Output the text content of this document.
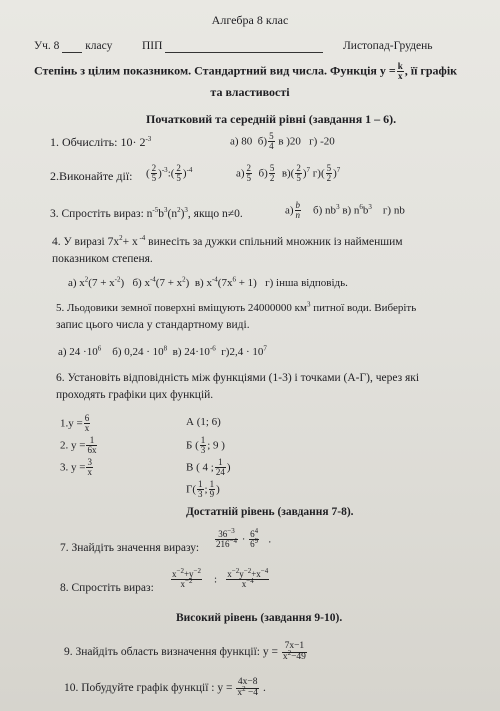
Алгебра 8 клас
Уч. 8 класу	ПІП	Листопад-Грудень
Степінь з цілим показником. Стандартний вид числа. Функція $y = \frac{k}{x}$ , її графік
та властивості
Початковий та середній рівні (завдання 1 – 6).
1. Обчисліть: $10\cdot 2^{-3}$	а) 80 $б) \frac{5}{4}$ в )20 г) -20
2.Виконайте дії: ( $\frac{2}{5}$ )$^{-3}$:( $\frac{2}{5} )^{-4}$	$а) \frac{2}{5} б) \frac{5}{2} в)( \frac{2}{5} )^7$ $г)( \frac{5}{2} )^7$
3. Спростіть вираз: $n^{-5}b^3(n^2)^3$, якщо n≠0.	$а) \frac{b}{n} б$) $nb^3$ в) $n^6b^3$ г) nb
4. У виразі $7x^2+ x$ $^{-4}$ винесіть за дужки спільний множник із найменшим
показником степеня.
а) $x^2(7 + x^{-2})$ б) $x^{-4}(7 + x^2)$ в) $x^{-4}(7x^6 + 1)$ г) інша відповідь.
5. Льодовики земної поверхні вміщують 24000000 $км^3$ питної води. Виберіть
запис цього числа у стандартному виді.
а) $24 \cdot 10^6$ б) $0,24 \cdot 10^8$ в) $24\cdot 10^{-6}$ $г)2,4 \cdot 10^7$
6. Установіть відповідність між функціями (1-3) і точками (А-Г), через які
проходять графіки цих функцій.
$1.y = \frac{6}{x}$
2. $y = \frac{1}{6x}$
3. $y = \frac{3}{x}$
А (1; 6)
Б ( $\frac{1}{3}$ ; 9 )
В ( 4 ; $\frac{1}{24}$ )
$Г( \frac{1}{3}$ ; $\frac{1}{9}$ )
Достатній рівень (завдання 7-8).
7. Знайдіть значення виразу: $\frac{36^{-3}}{216^{-4}} \cdot \frac{6^4}{6^9}$ .
8. Спростіть вираз: $\frac{x^{-2}+y^{-2}}{x^{-2}}$ : $\frac{x^{-2}y^{-2}+x^{-4}}{x^{-4}}$
Високий рівень (завдання 9-10).
9. Знайдіть область визначення функції: $y = \frac{7x-1}{x^2-49}$
10. Побудуйте графік функції : $y = \frac{4x-8}{x^2 -4}$ .
